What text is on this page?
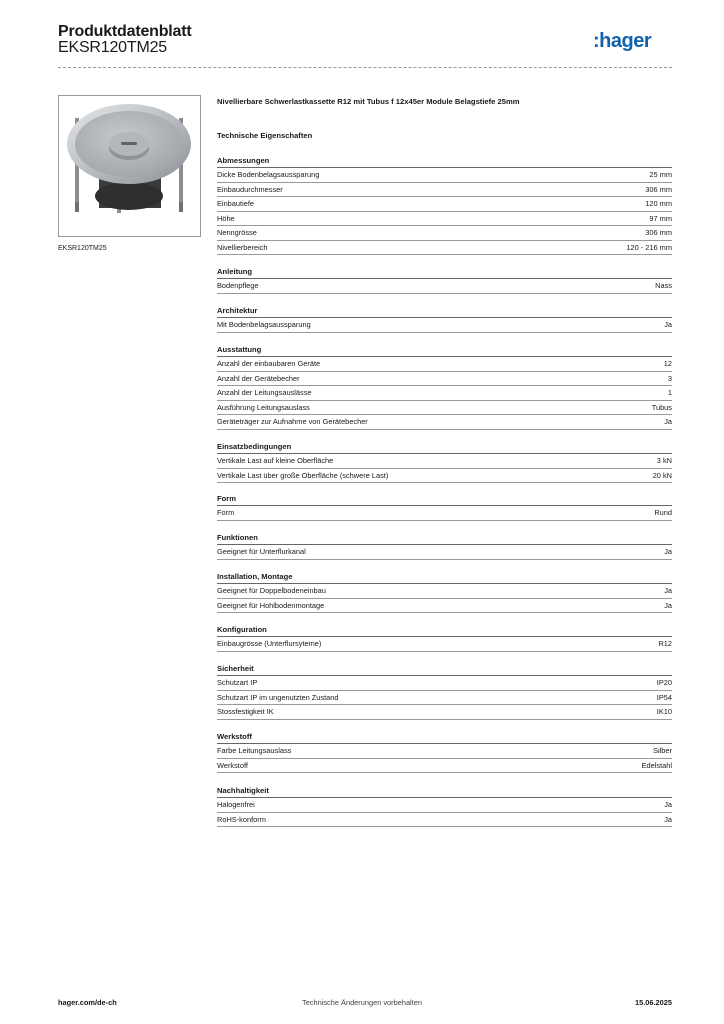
Produktdatenblatt
EKSR120TM25	:hager
EKSR120TM25
Nivellierbare Schwerlastkassette R12 mit Tubus f 12x45er Module Belagstiefe 25mm
Technische Eigenschaften
Abmessungen
Dicke Bodenbelagsaussparung	25 mm
Einbaudurchmesser	306 mm
Einbautiefe	120 mm
Höhe	97 mm
Nenngrösse	306 mm
Nivellierbereich	120 - 216 mm
Anleitung
Bodenpflege	Nass
Architektur
Mit Bodenbelagsaussparung	Ja
Ausstattung
Anzahl der einbaubaren Geräte	12
Anzahl der Gerätebecher	3
Anzahl der Leitungsauslässe	1
Ausführung Leitungsauslass	Tubus
Geräteträger zur Aufnahme von Gerätebecher	Ja
Einsatzbedingungen
Vertikale Last auf kleine Oberfläche	3 kN
Vertikale Last über große Oberfläche (schwere Last)	20 kN
Form
Form	Rund
Funktionen
Geeignet für Unterflurkanal	Ja
Installation, Montage
Geeignet für Doppelbodeneinbau	Ja
Geeignet für Hohlbodenmontage	Ja
Konfiguration
Einbaugrösse (Unterflursyteme)	R12
Sicherheit
Schutzart IP	IP20
Schutzart IP im ungenutzten Zustand	IP54
Stossfestigkeit IK	IK10
Werkstoff
Farbe Leitungsauslass	Silber
Werkstoff	Edelstahl
Nachhaltigkeit
Halogenfrei	Ja
RoHS-konform	Ja
hager.com/de-ch	Technische Änderungen vorbehalten	15.06.2025
